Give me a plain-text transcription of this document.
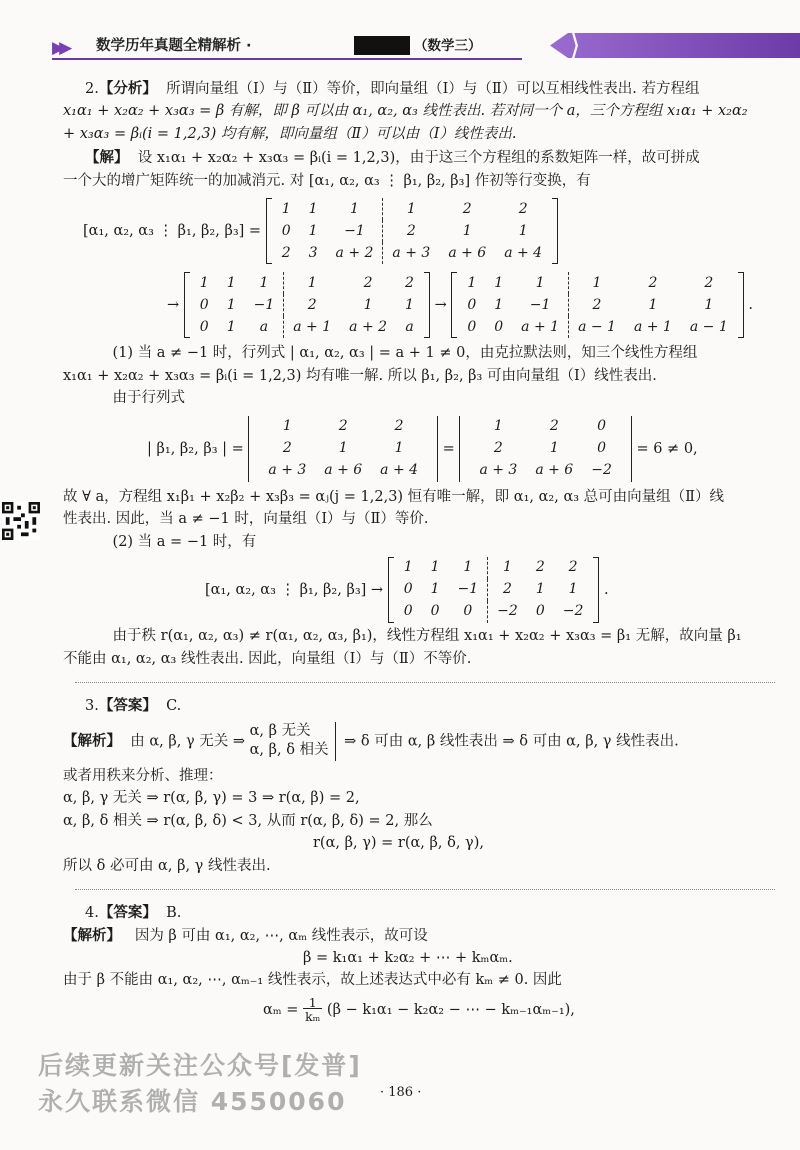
▶▶ 数学历年真题全精解析 ·	（数学三）

2.【分析】 所谓向量组（Ⅰ）与（Ⅱ）等价，即向量组（Ⅰ）与（Ⅱ）可以互相线性表出. 若方程组

x₁α₁ + x₂α₂ + x₃α₃ = β 有解，即 β 可以由 α₁, α₂, α₃ 线性表出. 若对同一个 a，三个方程组 x₁α₁ + x₂α₂

+ x₃α₃ = βᵢ(i = 1,2,3) 均有解，即向量组（Ⅱ）可以由（Ⅰ）线性表出.

【解】 设 x₁α₁ + x₂α₂ + x₃α₃ = βᵢ(i = 1,2,3)，由于这三个方程组的系数矩阵一样，故可拼成

一个大的增广矩阵统一的加减消元. 对 [α₁, α₂, α₃ ⋮ β₁, β₂, β₃] 作初等行变换，有

[α₁, α₂, α₃ ⋮ β₁, β₂, β₃] =
1	1	1	1	2	2
0	1	−1	2	1	1
2	3	a + 2	a + 3	a + 6	a + 4
→
1	1	1	1	2	2
0	1	−1	2	1	1
0	1	a	a + 1	a + 2	a
→
1	1	1	1	2	2
0	1	−1	2	1	1
0	0	a + 1	a − 1	a + 1	a − 1
.

(1) 当 a ≠ −1 时，行列式 | α₁, α₂, α₃ | = a + 1 ≠ 0，由克拉默法则，知三个线性方程组

x₁α₁ + x₂α₂ + x₃α₃ = βᵢ(i = 1,2,3) 均有唯一解. 所以 β₁, β₂, β₃ 可由向量组（Ⅰ）线性表出.

由于行列式

| β₁, β₂, β₃ | =
1	2	2
2	1	1
a + 3	a + 6	a + 4
=
1	2	0
2	1	0
a + 3	a + 6	−2
= 6 ≠ 0,

故 ∀ a，方程组 x₁β₁ + x₂β₂ + x₃β₃ = αⱼ(j = 1,2,3) 恒有唯一解，即 α₁, α₂, α₃ 总可由向量组（Ⅱ）线

性表出. 因此，当 a ≠ −1 时，向量组（Ⅰ）与（Ⅱ）等价.

(2) 当 a = −1 时，有

[α₁, α₂, α₃ ⋮ β₁, β₂, β₃] →
1	1	1	1	2	2
0	1	−1	2	1	1
0	0	0	−2	0	−2
.

由于秩 r(α₁, α₂, α₃) ≠ r(α₁, α₂, α₃, β₁)，线性方程组 x₁α₁ + x₂α₂ + x₃α₃ = β₁ 无解，故向量 β₁

不能由 α₁, α₂, α₃ 线性表出. 因此，向量组（Ⅰ）与（Ⅱ）不等价.

3.【答案】 C.

【解析】 由 α, β, γ 无关 ⇒ α, β 无关
α, β, δ 相关 ⇒ δ 可由 α, β 线性表出 ⇒ δ 可由 α, β, γ 线性表出.

或者用秩来分析、推理：

α, β, γ 无关 ⇒ r(α, β, γ) = 3 ⇒ r(α, β) = 2,

α, β, δ 相关 ⇒ r(α, β, δ) < 3, 从而 r(α, β, δ) = 2, 那么

r(α, β, γ) = r(α, β, δ, γ),

所以 δ 必可由 α, β, γ 线性表出.

4.【答案】 B.

【解析】 因为 β 可由 α₁, α₂, ⋯, αₘ 线性表示，故可设

β = k₁α₁ + k₂α₂ + ⋯ + kₘαₘ.

由于 β 不能由 α₁, α₂, ⋯, αₘ₋₁ 线性表示，故上述表达式中必有 kₘ ≠ 0. 因此

$\alpha_m = \frac{1}{\text{kₘ}} (\beta - k_1\alpha_1 - k_2\alpha_2$ − ⋯ − kₘ₋₁αₘ₋₁),
· 186 ·
后续更新关注公众号[发普]
永久联系微信 4550060
